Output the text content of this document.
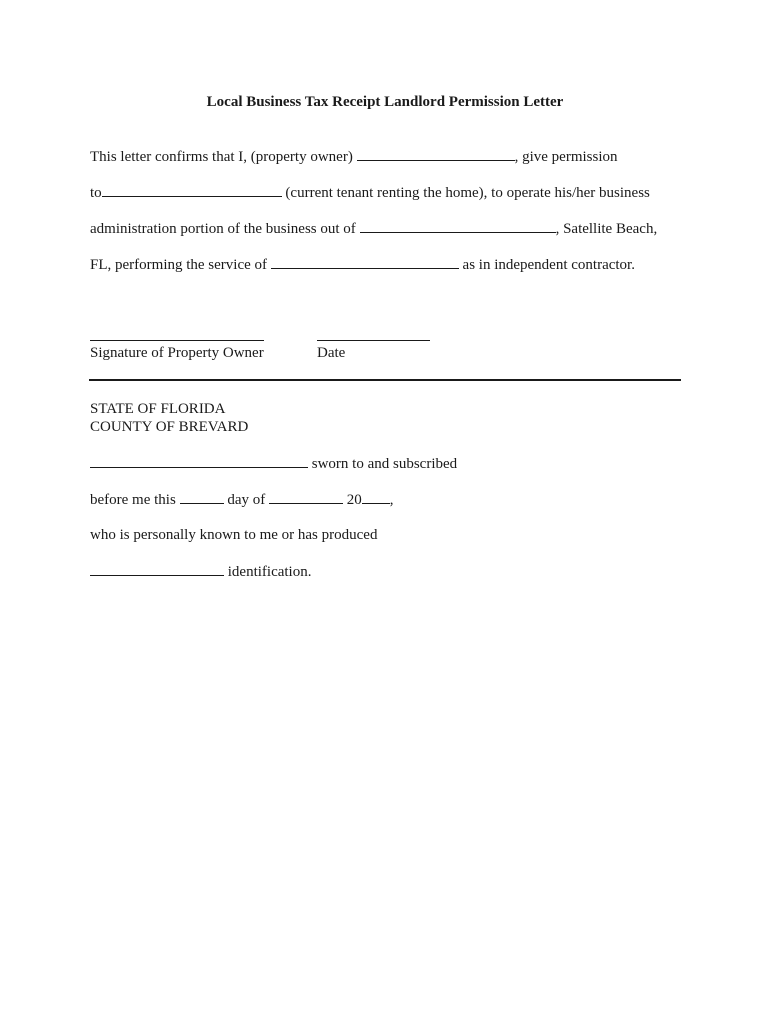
Local Business Tax Receipt Landlord Permission Letter
This letter confirms that I, (property owner)	, give permission
to	(current tenant renting the home), to operate his/her business
administration portion of the business out of	, Satellite Beach,
FL, performing the service of	as in independent contractor.
Signature of Property Owner	Date
STATE OF FLORIDA
COUNTY OF BREVARD
sworn to and subscribed
before me this	day of	20 ,
who is personally known to me or has produced
identification.
